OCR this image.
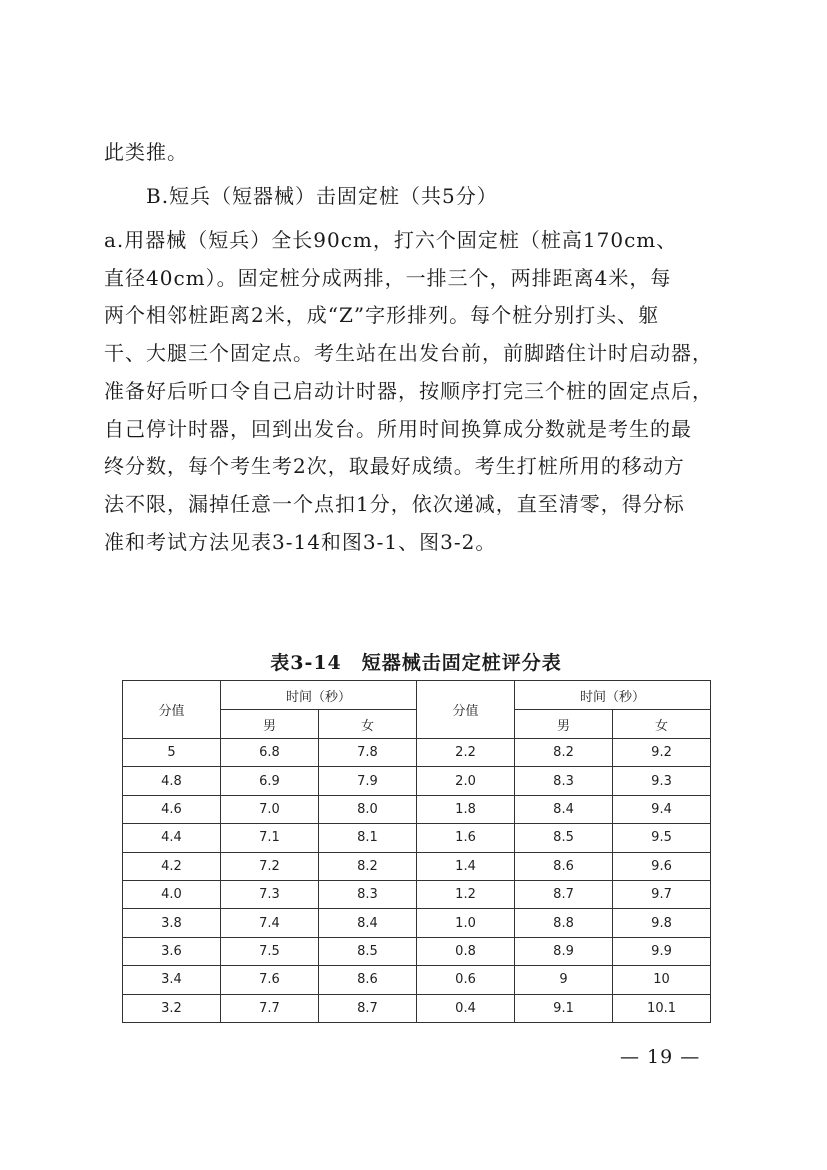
此类推。

B.短兵（短器械）击固定桩（共5分）

a.用器械（短兵）全长90cm，打六个固定桩（桩高170cm、
直径40cm）。固定桩分成两排，一排三个，两排距离4米，每
两个相邻桩距离2米，成“Z”字形排列。每个桩分别打头、躯
干、大腿三个固定点。考生站在出发台前，前脚踏住计时启动器，
准备好后听口令自己启动计时器，按顺序打完三个桩的固定点后，
自己停计时器，回到出发台。所用时间换算成分数就是考生的最
终分数，每个考生考2次，取最好成绩。考生打桩所用的移动方
法不限，漏掉任意一个点扣1分，依次递减，直至清零，得分标
准和考试方法见表3-14和图3-1、图3-2。

表3-14　短器械击固定桩评分表
分值	时间（秒）		分值	时间（秒）	
	男	女		男	女
5	6.8	7.8	2.2	8.2	9.2
4.8	6.9	7.9	2.0	8.3	9.3
4.6	7.0	8.0	1.8	8.4	9.4
4.4	7.1	8.1	1.6	8.5	9.5
4.2	7.2	8.2	1.4	8.6	9.6
4.0	7.3	8.3	1.2	8.7	9.7
3.8	7.4	8.4	1.0	8.8	9.8
3.6	7.5	8.5	0.8	8.9	9.9
3.4	7.6	8.6	0.6	9	10
3.2	7.7	8.7	0.4	9.1	10.1
— 19 —
